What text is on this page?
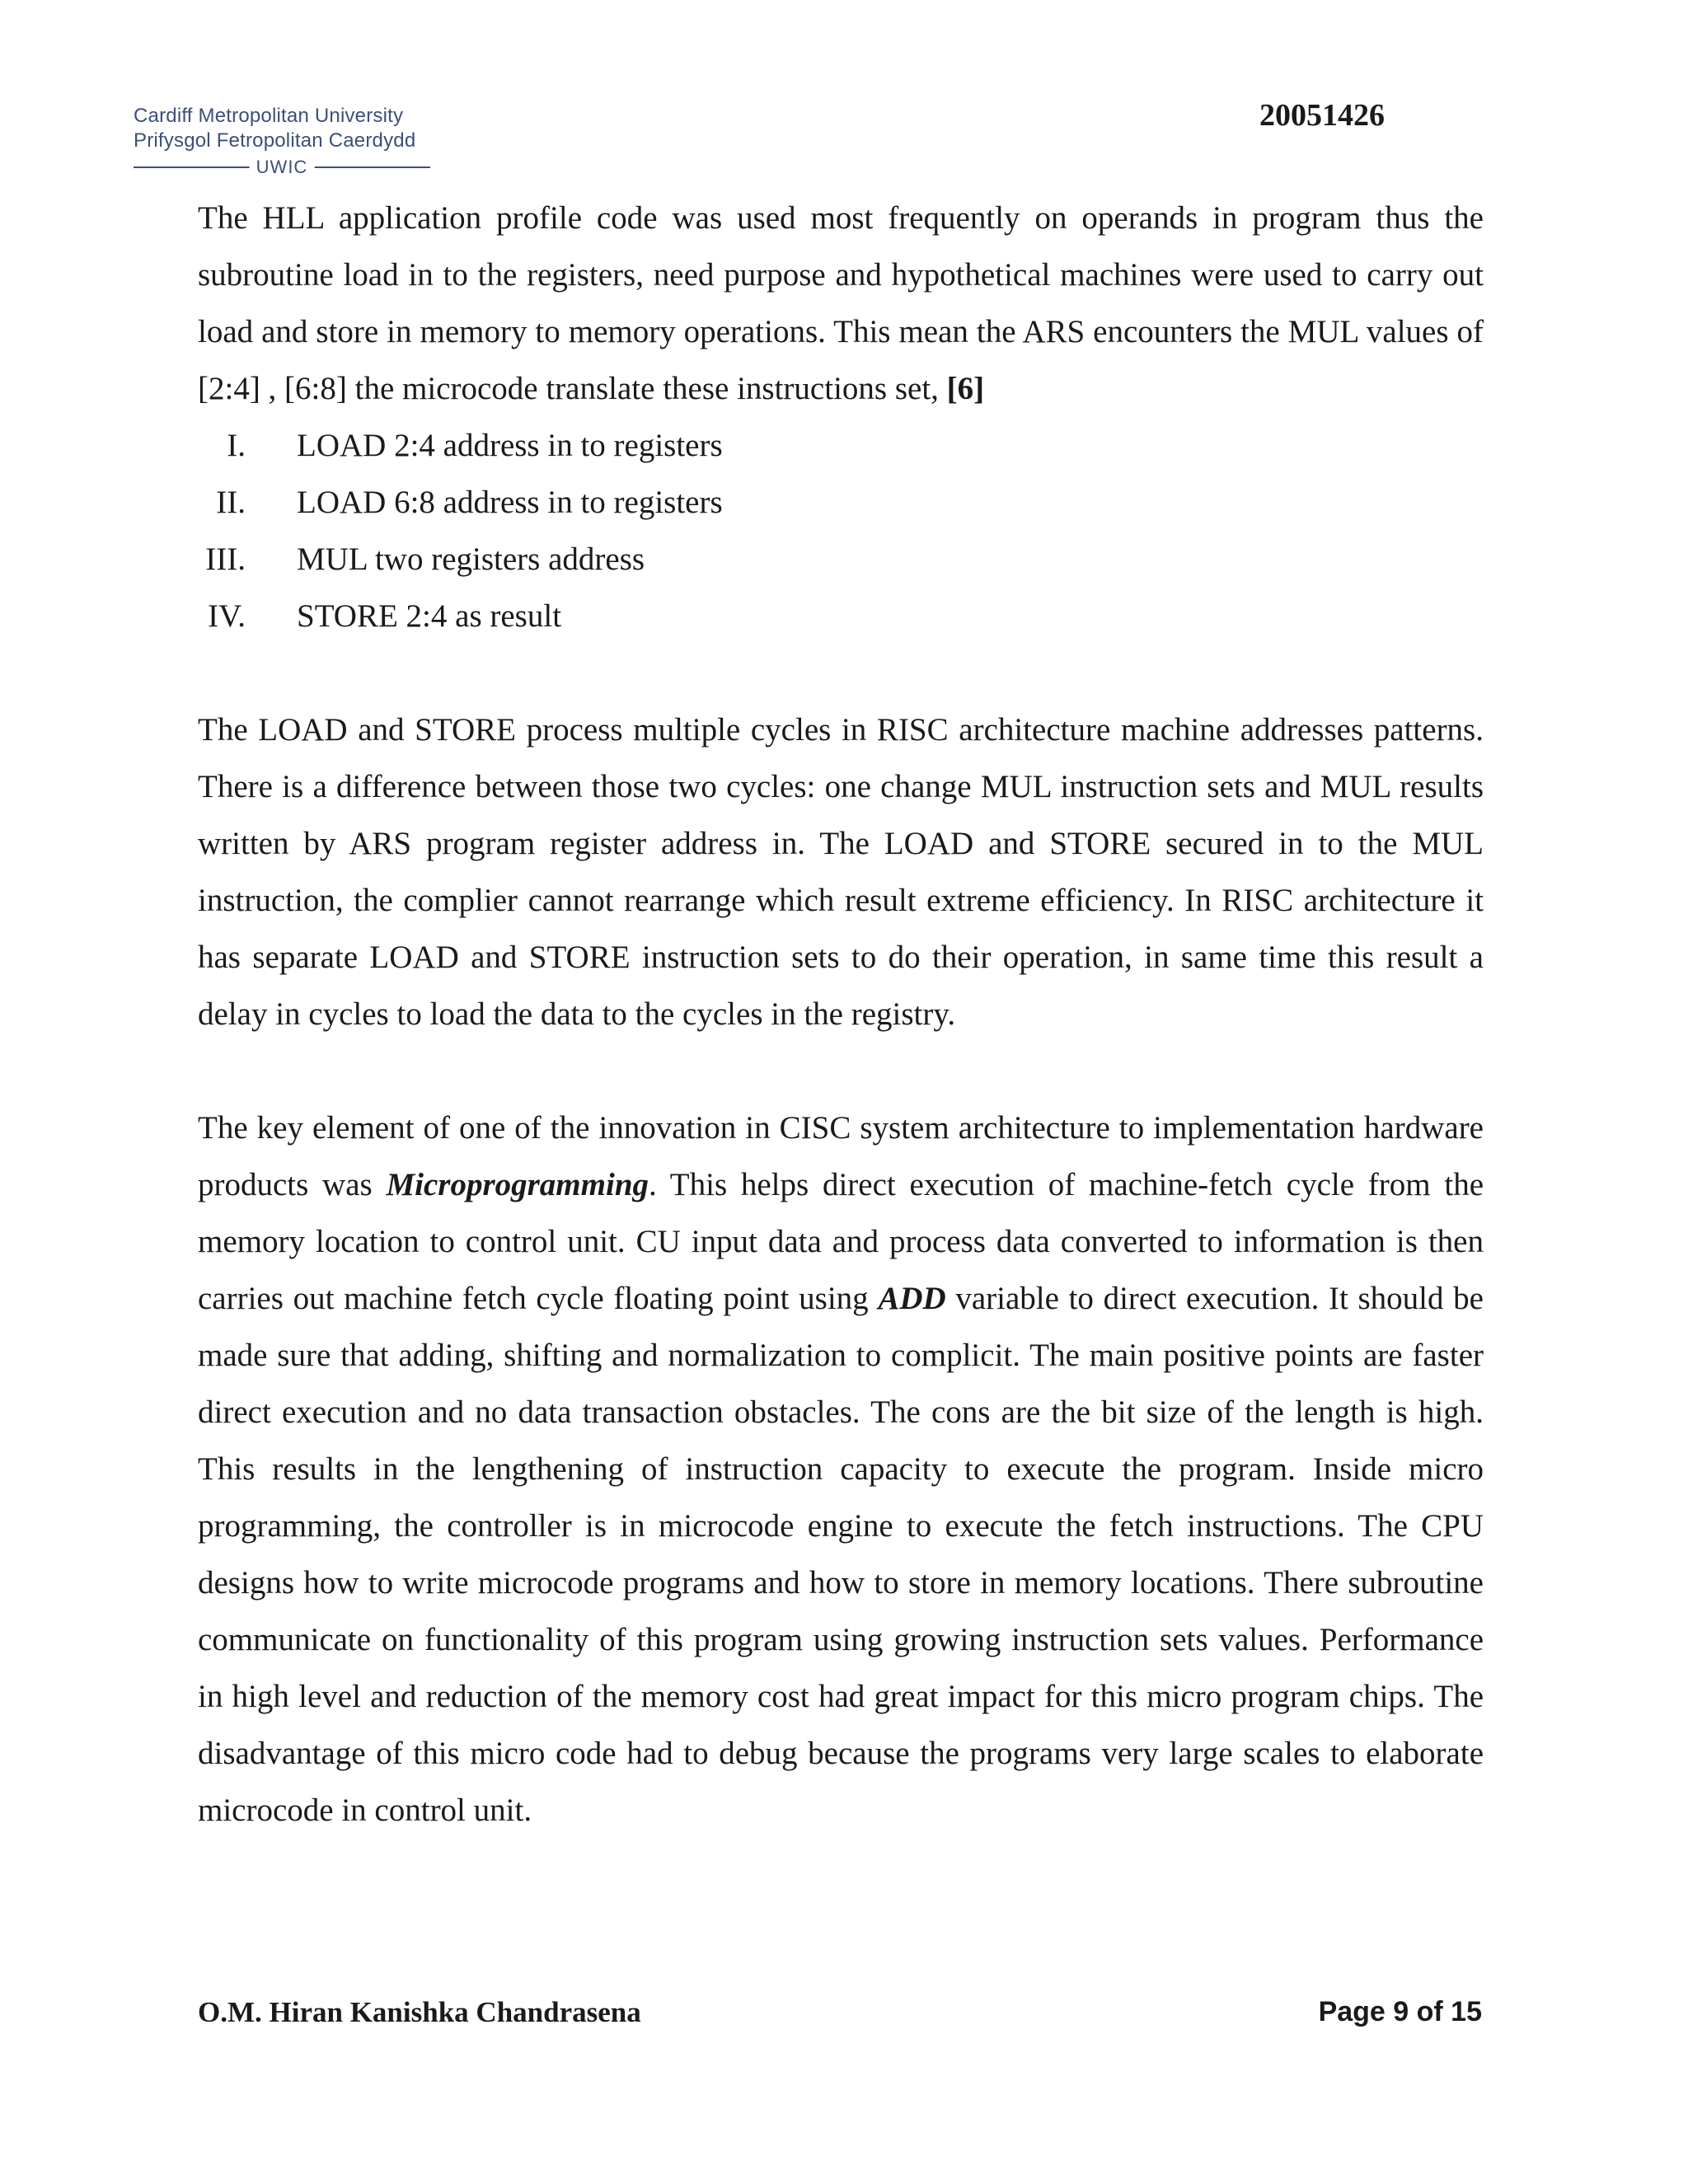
Cardiff Metropolitan University
Prifysgol Fetropolitan Caerdydd
UWIC
20051426

The HLL application profile code was used most frequently on operands in program thus the subroutine load in to the registers, need purpose and hypothetical machines were used to carry out load and store in memory to memory operations. This mean the ARS encounters the MUL values of [2:4] , [6:8] the microcode translate these instructions set, [6]

I. LOAD 2:4 address in to registers
II. LOAD 6:8 address in to registers
III. MUL two registers address
IV. STORE 2:4 as result

The LOAD and STORE process multiple cycles in RISC architecture machine addresses patterns. There is a difference between those two cycles: one change MUL instruction sets and MUL results written by ARS program register address in. The LOAD and STORE secured in to the MUL instruction, the complier cannot rearrange which result extreme efficiency. In RISC architecture it has separate LOAD and STORE instruction sets to do their operation, in same time this result a delay in cycles to load the data to the cycles in the registry.

The key element of one of the innovation in CISC system architecture to implementation hardware products was Microprogramming. This helps direct execution of machine-fetch cycle from the memory location to control unit. CU input data and process data converted to information is then carries out machine fetch cycle floating point using ADD variable to direct execution. It should be made sure that adding, shifting and normalization to complicit. The main positive points are faster direct execution and no data transaction obstacles. The cons are the bit size of the length is high. This results in the lengthening of instruction capacity to execute the program. Inside micro programming, the controller is in microcode engine to execute the fetch instructions. The CPU designs how to write microcode programs and how to store in memory locations. There subroutine communicate on functionality of this program using growing instruction sets values. Performance in high level and reduction of the memory cost had great impact for this micro program chips. The disadvantage of this micro code had to debug because the programs very large scales to elaborate microcode in control unit.

O.M. Hiran Kanishka Chandrasena	Page 9 of 15
